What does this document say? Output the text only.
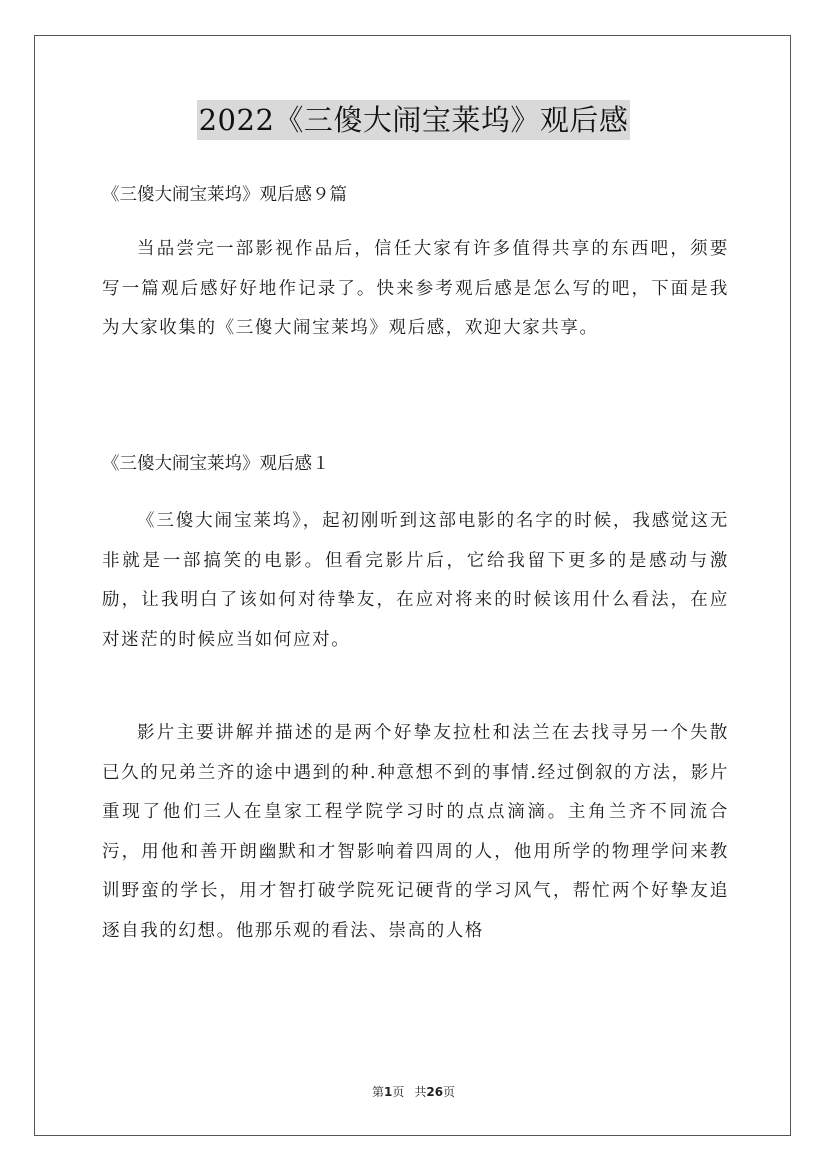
2022《三傻大闹宝莱坞》观后感
《三傻大闹宝莱坞》观后感９篇

当品尝完一部影视作品后，信任大家有许多值得共享的东西吧，须要写一篇观后感好好地作记录了。快来参考观后感是怎么写的吧，下面是我为大家收集的《三傻大闹宝莱坞》观后感，欢迎大家共享。

《三傻大闹宝莱坞》观后感１

《三傻大闹宝莱坞》，起初刚听到这部电影的名字的时候，我感觉这无非就是一部搞笑的电影。但看完影片后，它给我留下更多的是感动与激励，让我明白了该如何对待挚友，在应对将来的时候该用什么看法，在应对迷茫的时候应当如何应对。

影片主要讲解并描述的是两个好挚友拉杜和法兰在去找寻另一个失散已久的兄弟兰齐的途中遇到的种.种意想不到的事情.经过倒叙的方法，影片重现了他们三人在皇家工程学院学习时的点点滴滴。主角兰齐不同流合污，用他和善开朗幽默和才智影响着四周的人，他用所学的物理学问来教训野蛮的学长，用才智打破学院死记硬背的学习风气，帮忙两个好挚友追逐自我的幻想。他那乐观的看法、崇高的人格

第1页 共26页
